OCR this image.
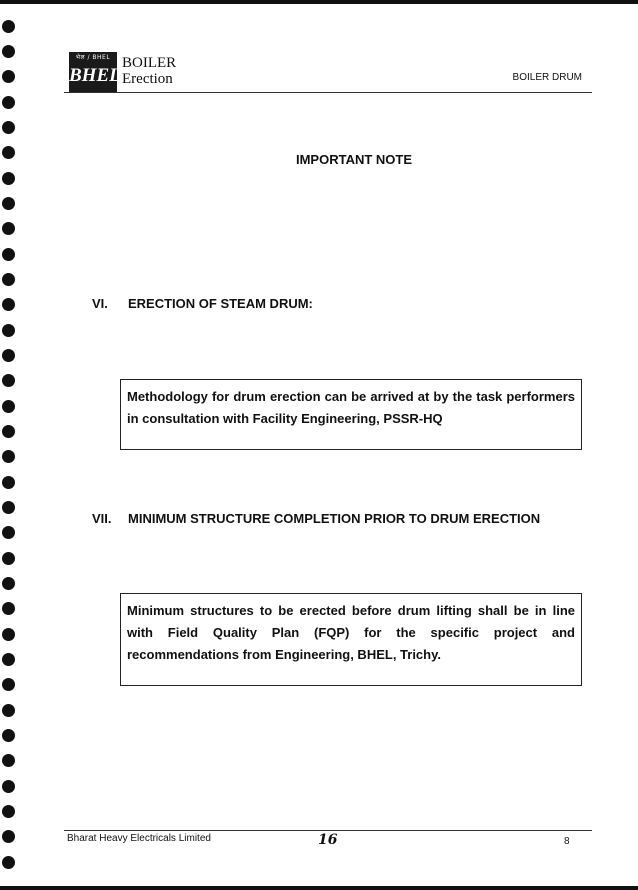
भेल / BHEL
BHEL
BOILER
Erection	BOILER DRUM
IMPORTANT NOTE
VI. ERECTION OF STEAM DRUM:
Methodology for drum erection can be arrived at by the task performers in consultation with Facility Engineering, PSSR-HQ
VII. MINIMUM STRUCTURE COMPLETION PRIOR TO DRUM ERECTION
Minimum structures to be erected before drum lifting shall be in line with Field Quality Plan (FQP) for the specific project and recommendations from Engineering, BHEL, Trichy.
Bharat Heavy Electricals Limited	16	8
